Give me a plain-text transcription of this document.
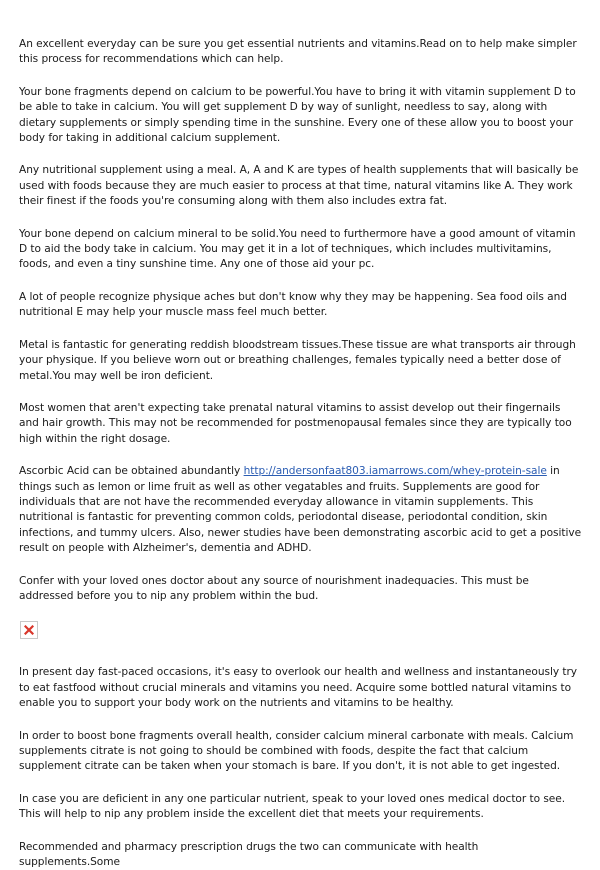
An excellent everyday can be sure you get essential nutrients and vitamins.Read on to help make simpler this process for recommendations which can help.

Your bone fragments depend on calcium to be powerful.You have to bring it with vitamin supplement D to be able to take in calcium. You will get supplement D by way of sunlight, needless to say, along with dietary supplements or simply spending time in the sunshine. Every one of these allow you to boost your body for taking in additional calcium supplement.

Any nutritional supplement using a meal. A, A and K are types of health supplements that will basically be used with foods because they are much easier to process at that time, natural vitamins like A. They work their finest if the foods you're consuming along with them also includes extra fat.

Your bone depend on calcium mineral to be solid.You need to furthermore have a good amount of vitamin D to aid the body take in calcium. You may get it in a lot of techniques, which includes multivitamins, foods, and even a tiny sunshine time. Any one of those aid your pc.

A lot of people recognize physique aches but don't know why they may be happening. Sea food oils and nutritional E may help your muscle mass feel much better.

Metal is fantastic for generating reddish bloodstream tissues.These tissue are what transports air through your physique. If you believe worn out or breathing challenges, females typically need a better dose of metal.You may well be iron deficient.

Most women that aren't expecting take prenatal natural vitamins to assist develop out their fingernails and hair growth. This may not be recommended for postmenopausal females since they are typically too high within the right dosage.

Ascorbic Acid can be obtained abundantly http://andersonfaat803.iamarrows.com/whey-protein-sale in things such as lemon or lime fruit as well as other vegatables and fruits. Supplements are good for individuals that are not have the recommended everyday allowance in vitamin supplements. This nutritional is fantastic for preventing common colds, periodontal disease, periodontal condition, skin infections, and tummy ulcers. Also, newer studies have been demonstrating ascorbic acid to get a positive result on people with Alzheimer's, dementia and ADHD.

Confer with your loved ones doctor about any source of nourishment inadequacies. This must be addressed before you to nip any problem within the bud.

In present day fast-paced occasions, it's easy to overlook our health and wellness and instantaneously try to eat fastfood without crucial minerals and vitamins you need. Acquire some bottled natural vitamins to enable you to support your body work on the nutrients and vitamins to be healthy.

In order to boost bone fragments overall health, consider calcium mineral carbonate with meals. Calcium supplements citrate is not going to should be combined with foods, despite the fact that calcium supplement citrate can be taken when your stomach is bare. If you don't, it is not able to get ingested.

In case you are deficient in any one particular nutrient, speak to your loved ones medical doctor to see. This will help to nip any problem inside the excellent diet that meets your requirements.

Recommended and pharmacy prescription drugs the two can communicate with health supplements.Some
